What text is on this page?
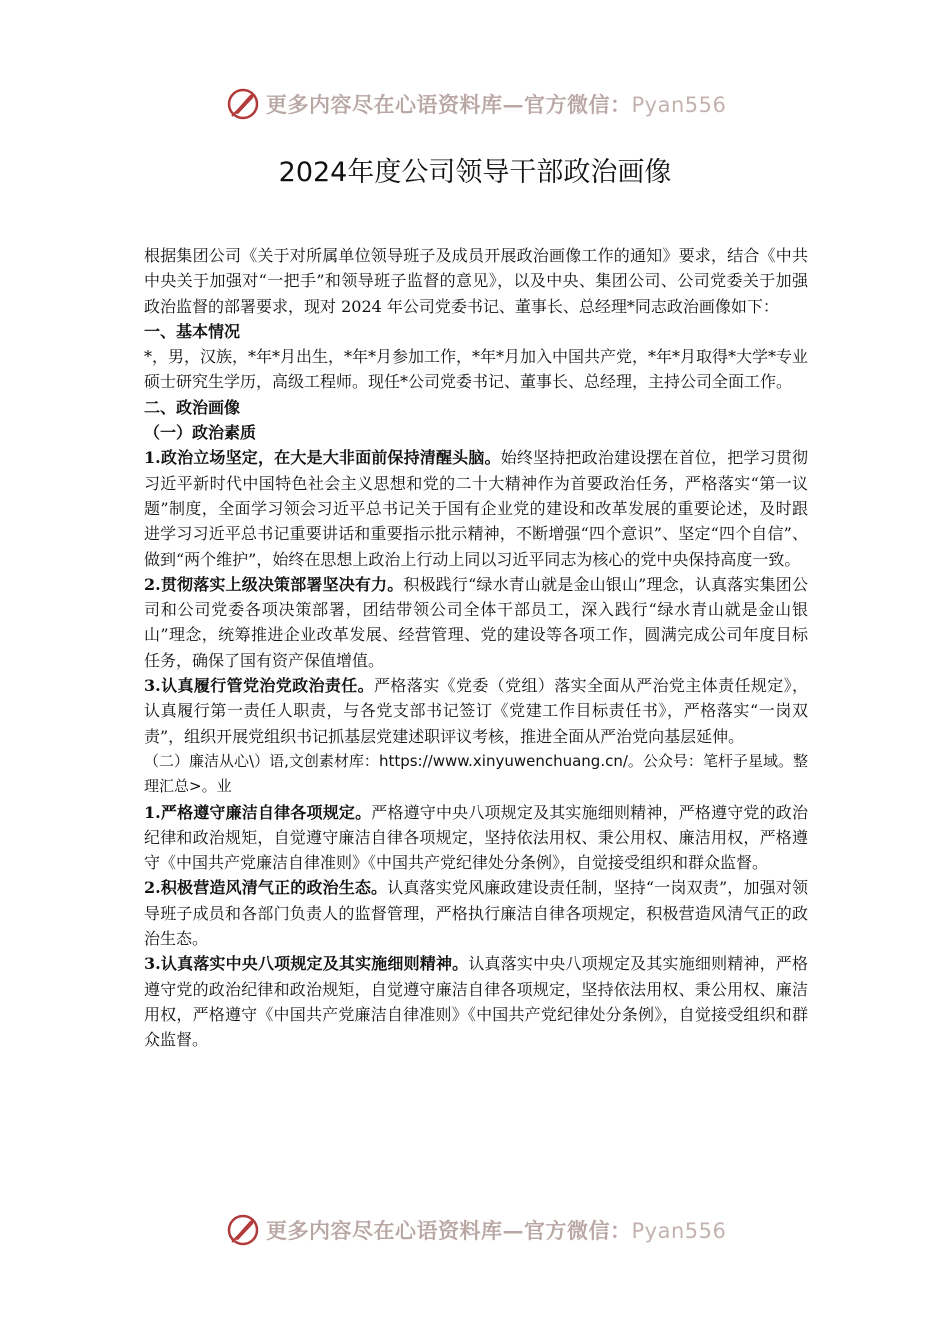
更多内容尽在心语资料库—官方微信：Pyan556
2024年度公司领导干部政治画像

根据集团公司《关于对所属单位领导班子及成员开展政治画像工作的通知》要求，结合《中共中央关于加强对“一把手”和领导班子监督的意见》，以及中央、集团公司、公司党委关于加强政治监督的部署要求，现对 2024 年公司党委书记、董事长、总经理*同志政治画像如下：

一、基本情况

*，男，汉族，*年*月出生，*年*月参加工作，*年*月加入中国共产党，*年*月取得*大学*专业硕士研究生学历，高级工程师。现任*公司党委书记、董事长、总经理，主持公司全面工作。

二、政治画像

（一）政治素质

1.政治立场坚定，在大是大非面前保持清醒头脑。始终坚持把政治建设摆在首位，把学习贯彻习近平新时代中国特色社会主义思想和党的二十大精神作为首要政治任务，严格落实“第一议题”制度，全面学习领会习近平总书记关于国有企业党的建设和改革发展的重要论述，及时跟进学习习近平总书记重要讲话和重要指示批示精神，不断增强“四个意识”、坚定“四个自信”、做到“两个维护”，始终在思想上政治上行动上同以习近平同志为核心的党中央保持高度一致。

2.贯彻落实上级决策部署坚决有力。积极践行“绿水青山就是金山银山”理念，认真落实集团公司和公司党委各项决策部署，团结带领公司全体干部员工，深入践行“绿水青山就是金山银山”理念，统筹推进企业改革发展、经营管理、党的建设等各项工作，圆满完成公司年度目标任务，确保了国有资产保值增值。

3.认真履行管党治党政治责任。严格落实《党委（党组）落实全面从严治党主体责任规定》，认真履行第一责任人职责，与各党支部书记签订《党建工作目标责任书》，严格落实“一岗双责”，组织开展党组织书记抓基层党建述职评议考核，推进全面从严治党向基层延伸。

（二）廉洁从心\）语,文创素材库：https://www.xinyuwenchuang.cn/。公众号：笔杆子星域。整理汇总>。业

1.严格遵守廉洁自律各项规定。严格遵守中央八项规定及其实施细则精神，严格遵守党的政治纪律和政治规矩，自觉遵守廉洁自律各项规定，坚持依法用权、秉公用权、廉洁用权，严格遵守《中国共产党廉洁自律准则》《中国共产党纪律处分条例》，自觉接受组织和群众监督。

2.积极营造风清气正的政治生态。认真落实党风廉政建设责任制，坚持“一岗双责”，加强对领导班子成员和各部门负责人的监督管理，严格执行廉洁自律各项规定，积极营造风清气正的政治生态。

3.认真落实中央八项规定及其实施细则精神。认真落实中央八项规定及其实施细则精神，严格遵守党的政治纪律和政治规矩，自觉遵守廉洁自律各项规定，坚持依法用权、秉公用权、廉洁用权，严格遵守《中国共产党廉洁自律准则》《中国共产党纪律处分条例》，自觉接受组织和群众监督。

更多内容尽在心语资料库—官方微信：Pyan556
